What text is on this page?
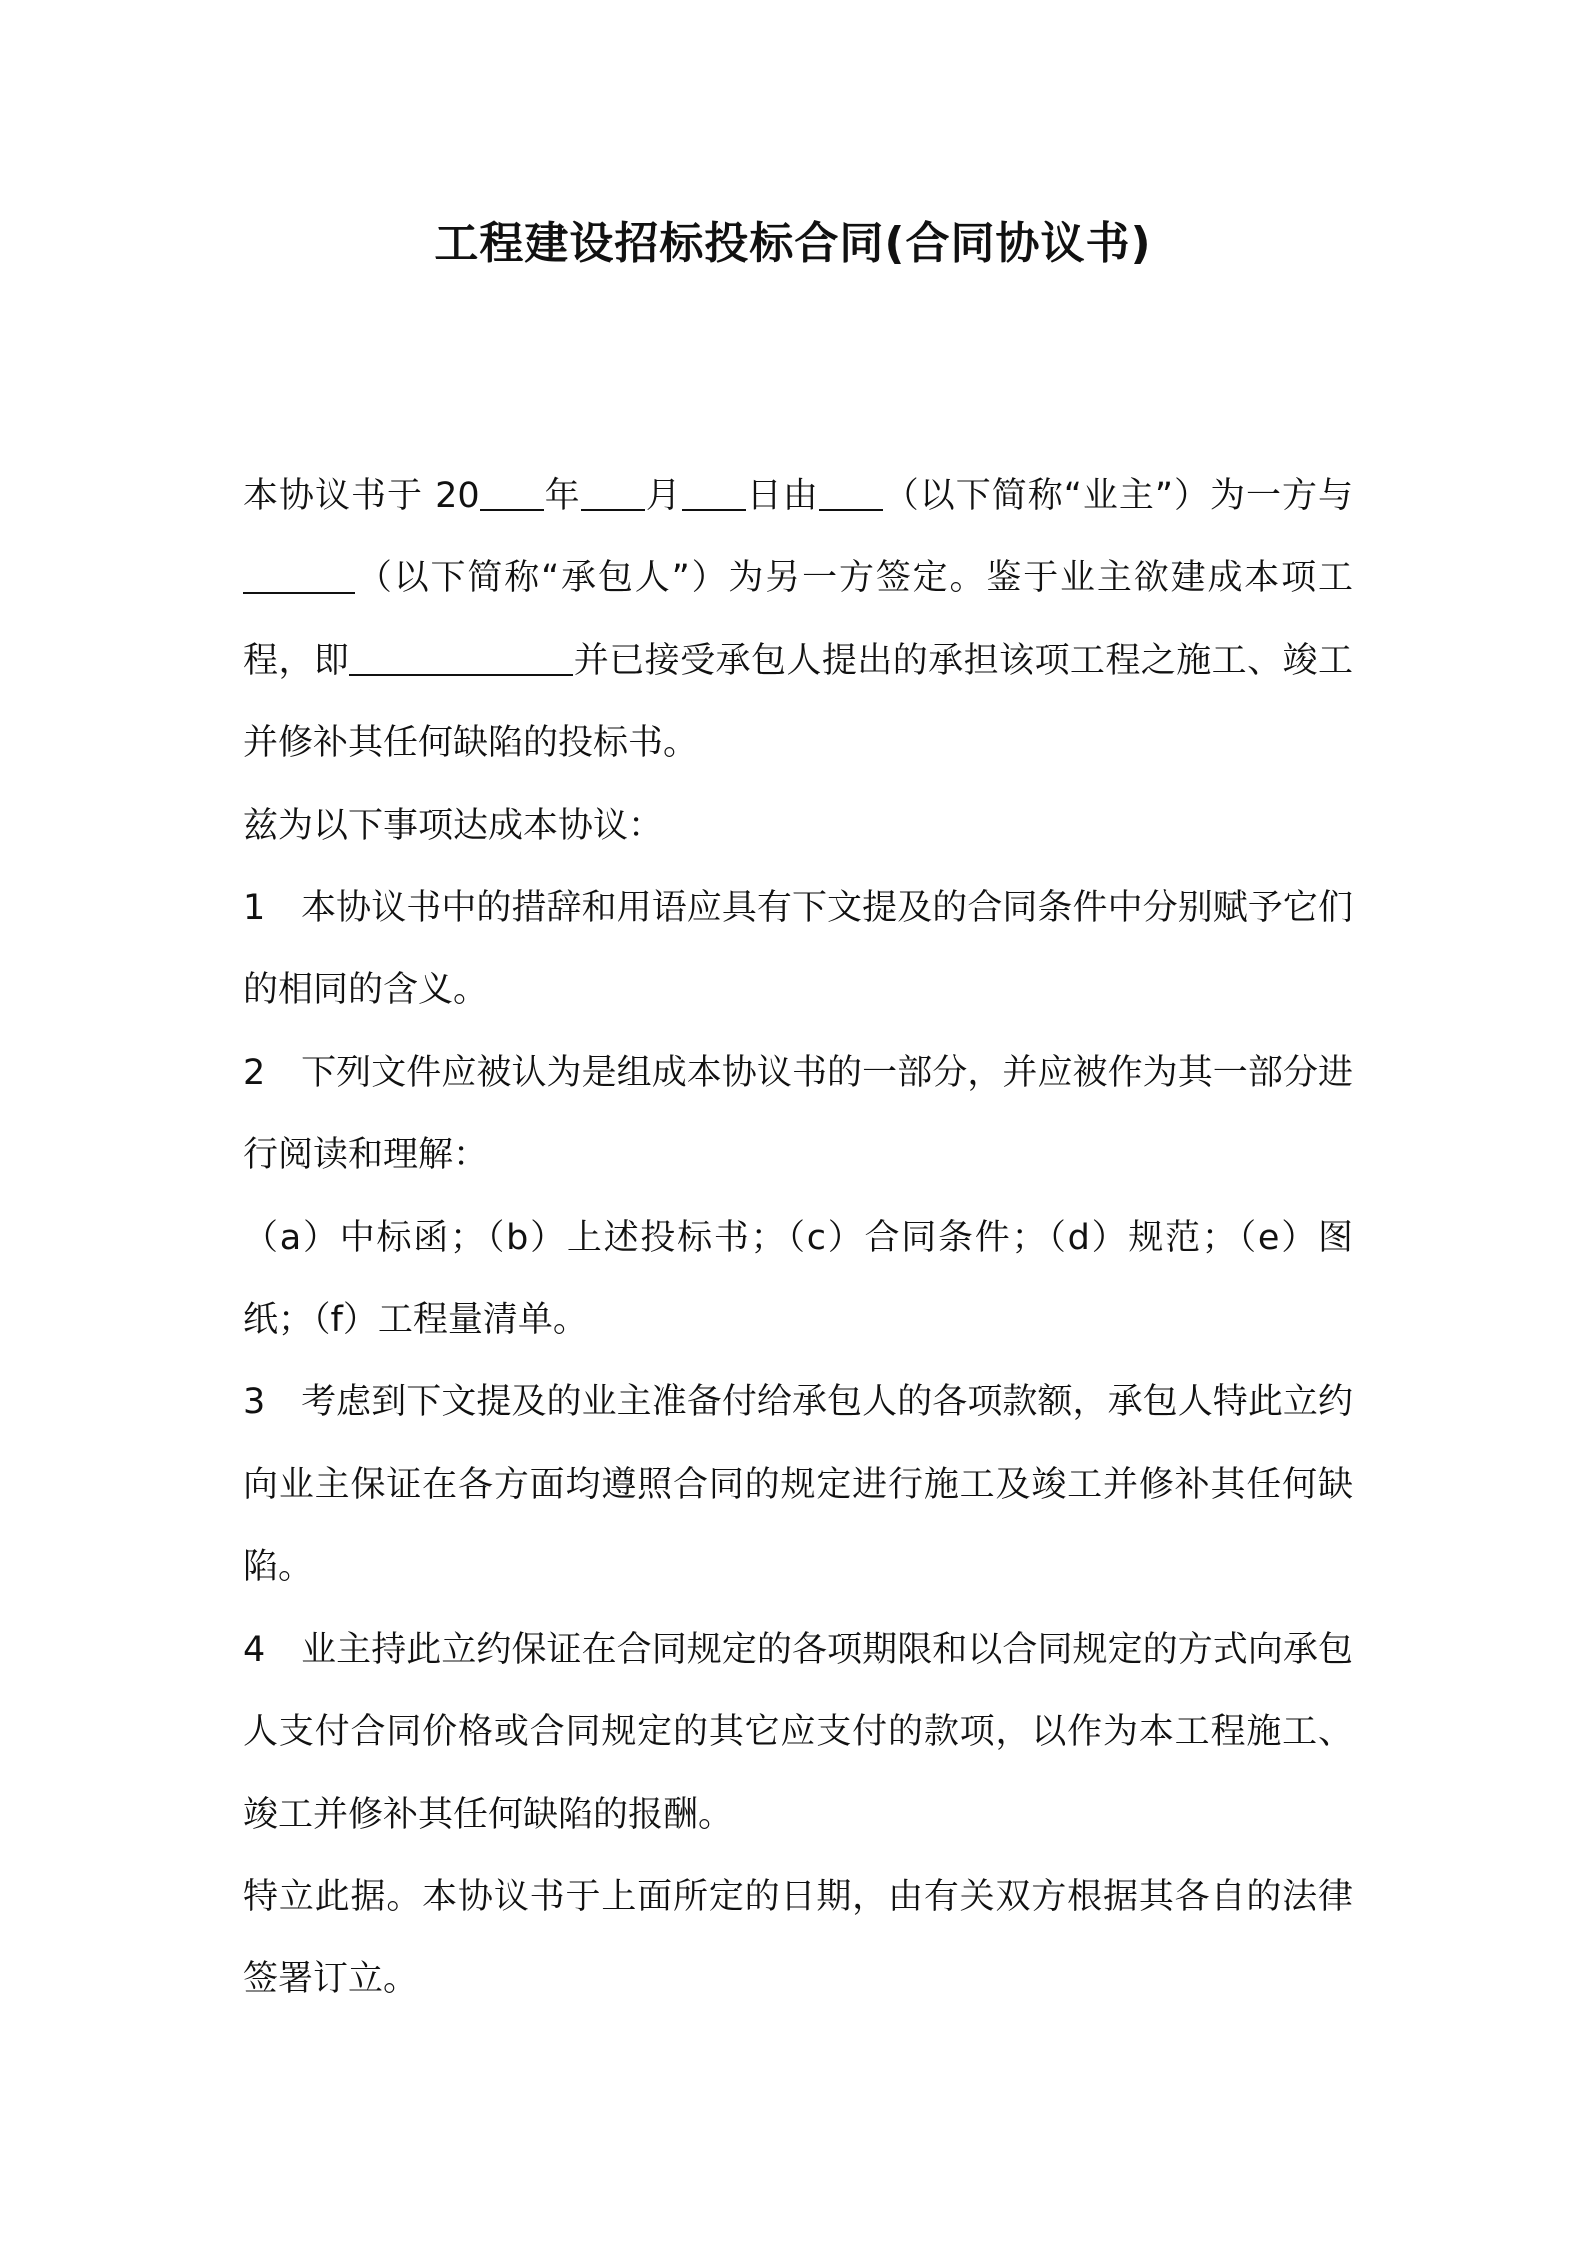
工程建设招标投标合同(合同协议书)

本协议书于 20 年 月 日由 （以下简称“业主”）为一方与（以下简称“承包人”）为另一方签定。鉴于业主欲建成本项工程，即	并已接受承包人提出的承担该项工程之施工、竣工并修补其任何缺陷的投标书。

兹为以下事项达成本协议：

1 本协议书中的措辞和用语应具有下文提及的合同条件中分别赋予它们的相同的含义。

2 下列文件应被认为是组成本协议书的一部分，并应被作为其一部分进行阅读和理解：

（a）中标函；（b）上述投标书；（c）合同条件；（d）规范；（e）图纸；（f）工程量清单。

3 考虑到下文提及的业主准备付给承包人的各项款额，承包人特此立约向业主保证在各方面均遵照合同的规定进行施工及竣工并修补其任何缺陷。

4 业主持此立约保证在合同规定的各项期限和以合同规定的方式向承包人支付合同价格或合同规定的其它应支付的款项，以作为本工程施工、竣工并修补其任何缺陷的报酬。

特立此据。本协议书于上面所定的日期，由有关双方根据其各自的法律签署订立。
